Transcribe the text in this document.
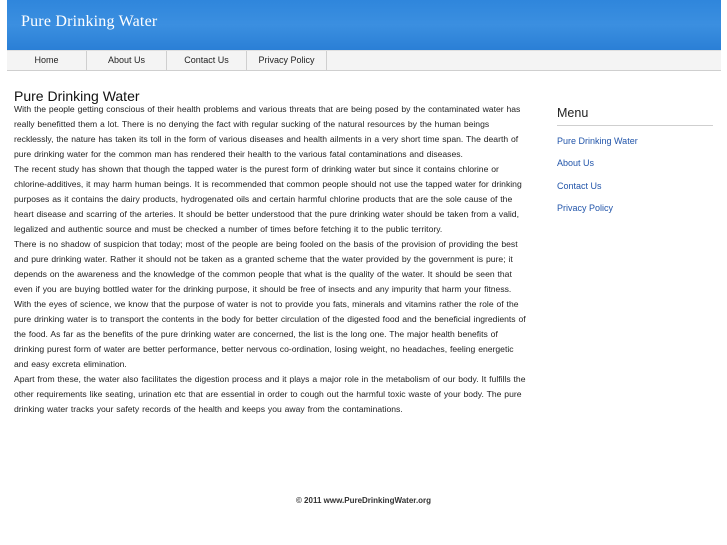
Pure Drinking Water
Home	About Us	Contact Us	Privacy Policy
Pure Drinking Water

With the people getting conscious of their health problems and various threats that are being posed by the contaminated water has really benefitted them a lot. There is no denying the fact with regular sucking of the natural resources by the human beings recklessly, the nature has taken its toll in the form of various diseases and health ailments in a very short time span. The dearth of pure drinking water for the common man has rendered their health to the various fatal contaminations and diseases.

The recent study has shown that though the tapped water is the purest form of drinking water but since it contains chlorine or chlorine-additives, it may harm human beings. It is recommended that common people should not use the tapped water for drinking purposes as it contains the dairy products, hydrogenated oils and certain harmful chlorine products that are the sole cause of the heart disease and scarring of the arteries. It should be better understood that the pure drinking water should be taken from a valid, legalized and authentic source and must be checked a number of times before fetching it to the public territory.

There is no shadow of suspicion that today; most of the people are being fooled on the basis of the provision of providing the best and pure drinking water. Rather it should not be taken as a granted scheme that the water provided by the government is pure; it depends on the awareness and the knowledge of the common people that what is the quality of the water. It should be seen that even if you are buying bottled water for the drinking purpose, it should be free of insects and any impurity that harm your fitness.

With the eyes of science, we know that the purpose of water is not to provide you fats, minerals and vitamins rather the role of the pure drinking water is to transport the contents in the body for better circulation of the digested food and the beneficial ingredients of the food. As far as the benefits of the pure drinking water are concerned, the list is the long one. The major health benefits of drinking purest form of water are better performance, better nervous co-ordination, losing weight, no headaches, feeling energetic and easy excreta elimination.

Apart from these, the water also facilitates the digestion process and it plays a major role in the metabolism of our body. It fulfills the other requirements like seating, urination etc that are essential in order to cough out the harmful toxic waste of your body. The pure drinking water tracks your safety records of the health and keeps you away from the contaminations.

Menu
Pure Drinking Water
About Us
Contact Us
Privacy Policy
© 2011 www.PureDrinkingWater.org
